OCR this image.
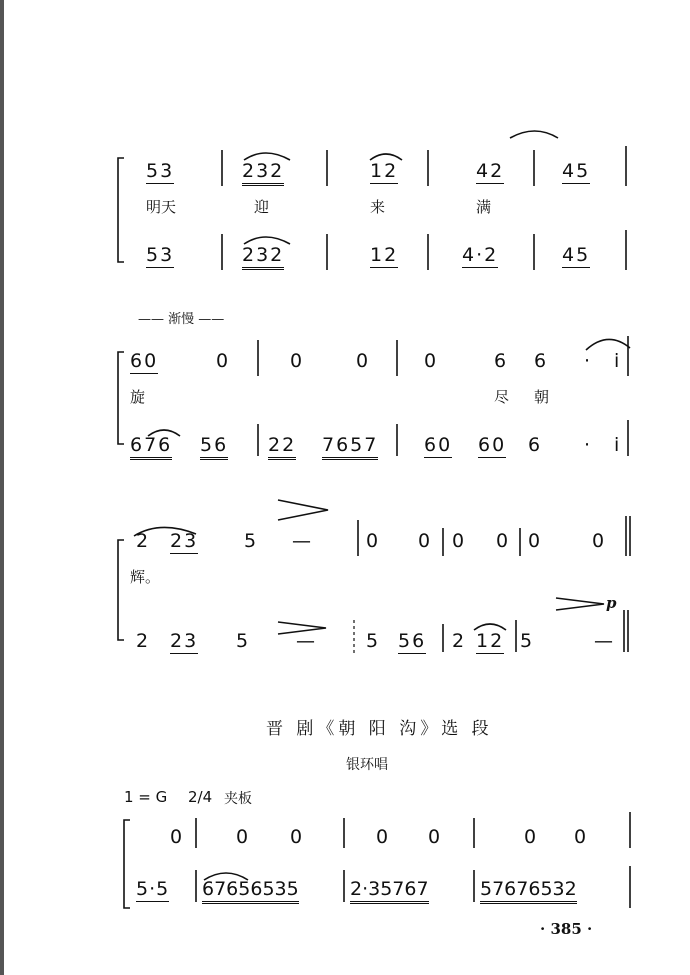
53	232	12	42	45
明天	迎	来	满
53	232	12	4·2	45
—— 渐慢 ——
60	0	0	0	0	6 6 · i
旋	尽 朝
676 56 22 7657 60 60 6 · i
2 23 5 —	0 0 0 0 0	0
辉。
2 23 5 —	5 56 2 12 5	—
p
晋 剧《朝 阳 沟》选 段
银环唱
1 = G 2/4 夹板
0	0 0	0 0	0 0
5·5 67656535	2·35767	57676532
· 385 ·
